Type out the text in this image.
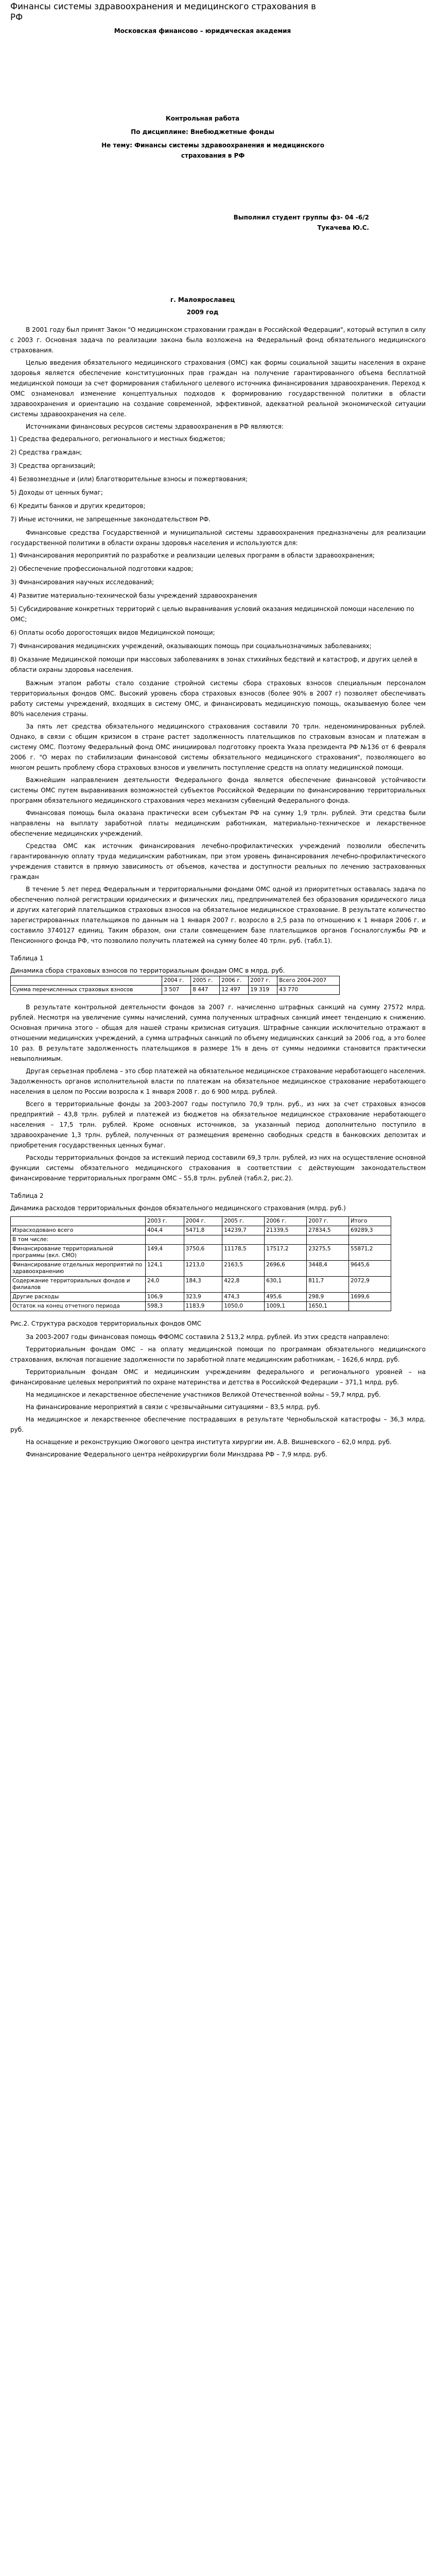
Финансы системы здравоохранения и медицинского страхования в РФ
Московская финансово – юридическая академия
Контрольная работа
По дисциплине: Внебюджетные фонды
Не тему: Финансы системы здравоохранения и медицинского
страхования в РФ
Выполнил студент группы фз- 04 -6/2
Тукачева Ю.С.
г. Малоярославец
2009 год

В 2001 году был принят Закон "О медицинском страховании граждан в Российской Федерации", который вступил в силу с 2003 г. Основная задача по реализации закона была возложена на Федеральный фонд обязательного медицинского страхования.

Целью введения обязательного медицинского страхования (ОМС) как формы социальной защиты населения в охране здоровья является обеспечение конституционных прав граждан на получение гарантированного объема бесплатной медицинской помощи за счет формирования стабильного целевого источника финансирования здравоохранения. Переход к ОМС ознаменовал изменение концептуальных подходов к формированию государственной политики в области здравоохранения и ориентацию на создание современной, эффективной, адекватной реальной экономической ситуации системы здравоохранения на селе.

Источниками финансовых ресурсов системы здравоохранения в РФ являются:

1) Средства федерального, регионального и местных бюджетов;

2) Средства граждан;

3) Средства организаций;

4) Безвозмездные и (или) благотворительные взносы и пожертвования;

5) Доходы от ценных бумаг;

6) Кредиты банков и других кредиторов;

7) Иные источники, не запрещенные законодательством РФ.

Финансовые средства Государственной и муниципальной системы здравоохранения предназначены для реализации государственной политики в области охраны здоровья населения и используются для:

1) Финансирования мероприятий по разработке и реализации целевых программ в области здравоохранения;

2) Обеспечение профессиональной подготовки кадров;

3) Финансирования научных исследований;

4) Развитие материально-технической базы учреждений здравоохранения

5) Субсидирование конкретных территорий с целью выравнивания условий оказания медицинской помощи населению по ОМС;

6) Оплаты особо дорогостоящих видов Медицинской помощи;

7) Финансирования медицинских учреждений, оказывающих помощь при социальнозначимых заболеваниях;

8) Оказание Медицинской помощи при массовых заболеваниях в зонах стихийных бедствий и катастроф, и других целей в области охраны здоровья населения.

Важным этапом работы стало создание стройной системы сбора страховых взносов специальным персоналом территориальных фондов ОМС. Высокий уровень сбора страховых взносов (более 90% в 2007 г) позволяет обеспечивать работу системы учреждений, входящих в систему ОМС, и финансировать медицинскую помощь, оказываемую более чем 80% населения страны.

За пять лет средства обязательного медицинского страхования составили 70 трлн. неденоминированных рублей. Однако, в связи с общим кризисом в стране растет задолженность плательщиков по страховым взносам и платежам в систему ОМС. Поэтому Федеральный фонд ОМС инициировал подготовку проекта Указа президента РФ №136 от 6 февраля 2006 г. "О мерах по стабилизации финансовой системы обязательного медицинского страхования", позволяющего во многом решить проблему сбора страховых взносов и увеличить поступление средств на оплату медицинской помощи.

Важнейшим направлением деятельности Федерального фонда является обеспечение финансовой устойчивости системы ОМС путем выравнивания возможностей субъектов Российской Федерации по финансированию территориальных программ обязательного медицинского страхования через механизм субвенций Федерального фонда.

Финансовая помощь была оказана практически всем субъектам РФ на сумму 1,9 трлн. рублей. Эти средства были направлены на выплату заработной платы медицинским работникам, материально-техническое и лекарственное обеспечение медицинских учреждений.

Средства ОМС как источник финансирования лечебно-профилактических учреждений позволили обеспечить гарантированную оплату труда медицинским работникам, при этом уровень финансирования лечебно-профилактического учреждения ставится в прямую зависимость от объемов, качества и доступности реальных по лечению застрахованных граждан

В течение 5 лет перед Федеральным и территориальными фондами ОМС одной из приоритетных оставалась задача по обеспечению полной регистрации юридических и физических лиц, предпринимателей без образования юридического лица и других категорий плательщиков страховых взносов на обязательное медицинское страхование. В результате количество зарегистрированных плательщиков по данным на 1 января 2007 г. возросло в 2,5 раза по отношению к 1 января 2006 г. и составило 3740127 единиц. Таким образом, они стали совмещением базе плательщиков органов Госналогслужбы РФ и Пенсионного фонда РФ, что позволило получить платежей на сумму более 40 трлн. руб. (табл.1).

Таблица 1
Динамика сбора страховых взносов по территориальным фондам ОМС в млрд. руб.
	2004 г.	2005 г.	2006 г.	2007 г.	Всего 2004-2007
Сумма перечисленных страховых взносов	3 507	8 447	12 497	19 319	43 770

В результате контрольной деятельности фондов за 2007 г. начисленно штрафных санкций на сумму 27572 млрд. рублей. Несмотря на увеличение суммы начислений, сумма полученных штрафных санкций имеет тенденцию к снижению. Основная причина этого – общая для нашей страны кризисная ситуация. Штрафные санкции исключительно отражают в отношении медицинских учреждений, а сумма штрафных санкций по объему медицинских санкций за 2006 год, а это более 10 раз. В результате задолженность плательщиков в размере 1% в день от суммы недоимки становится практически невыполнимым.

Другая серьезная проблема – это сбор платежей на обязательное медицинское страхование неработающего населения. Задолженность органов исполнительной власти по платежам на обязательное медицинское страхование неработающего населения в целом по России возросла к 1 января 2008 г. до 6 900 млрд. рублей.

Всего в территориальные фонды за 2003-2007 годы поступило 70,9 трлн. руб., из них за счет страховых взносов предприятий – 43,8 трлн. рублей и платежей из бюджетов на обязательное медицинское страхование неработающего населения – 17,5 трлн. рублей. Кроме основных источников, за указанный период дополнительно поступило в здравоохранение 1,3 трлн. рублей, полученных от размещения временно свободных средств в банковских депозитах и приобретения государственных ценных бумаг.

Расходы территориальных фондов за истекший период составили 69,3 трлн. рублей, из них на осуществление основной функции системы обязательного медицинского страхования в соответствии с действующим законодательством финансирование территориальных программ ОМС – 55,8 трлн. рублей (табл.2, рис.2).

Таблица 2
Динамика расходов территориальных фондов обязательного медицинского страхования (млрд. руб.)
	2003 г.	2004 г.	2005 г.	2006 г.	2007 г.	Итого
Израсходовано всего	404,4	5471,8	14239,7	21339,5	27834,5	69289,3
В том числе:						
Финансирование территориальной программы (вкл. СМО)	149,4	3750,6	11178,5	17517,2	23275,5	55871,2
Финансирование отдельных мероприятий по здравоохранению	124,1	1213,0	2163,5	2696,6	3448,4	9645,6
Содержание территориальных фондов и филиалов	24,0	184,3	422,8	630,1	811,7	2072,9
Другие расходы	106,9	323,9	474,3	495,6	298,9	1699,6
Остаток на конец отчетного периода	598,3	1183,9	1050,0	1009,1	1650,1	
Рис.2. Структура расходов территориальных фондов ОМС

За 2003-2007 годы финансовая помощь ФФОМС составила 2 513,2 млрд. рублей. Из этих средств направлено:

Территориальным фондам ОМС – на оплату медицинской помощи по программам обязательного медицинского страхования, включая погашение задолженности по заработной плате медицинским работникам, – 1626,6 млрд. руб.

Территориальным фондам ОМС и медицинским учреждениям федерального и регионального уровней – на финансирование целевых мероприятий по охране материнства и детства в Российской Федерации – 371,1 млрд. руб.

На медицинское и лекарственное обеспечение участников Великой Отечественной войны – 59,7 млрд. руб.

На финансирование мероприятий в связи с чрезвычайными ситуациями – 83,5 млрд. руб.

На медицинское и лекарственное обеспечение пострадавших в результате Чернобыльской катастрофы – 36,3 млрд. руб.

На оснащение и реконструкцию Ожогового центра института хирургии им. А.В. Вишневского – 62,0 млрд. руб.

Финансирование Федерального центра нейрохирургии боли Минздрава РФ – 7,9 млрд. руб.
